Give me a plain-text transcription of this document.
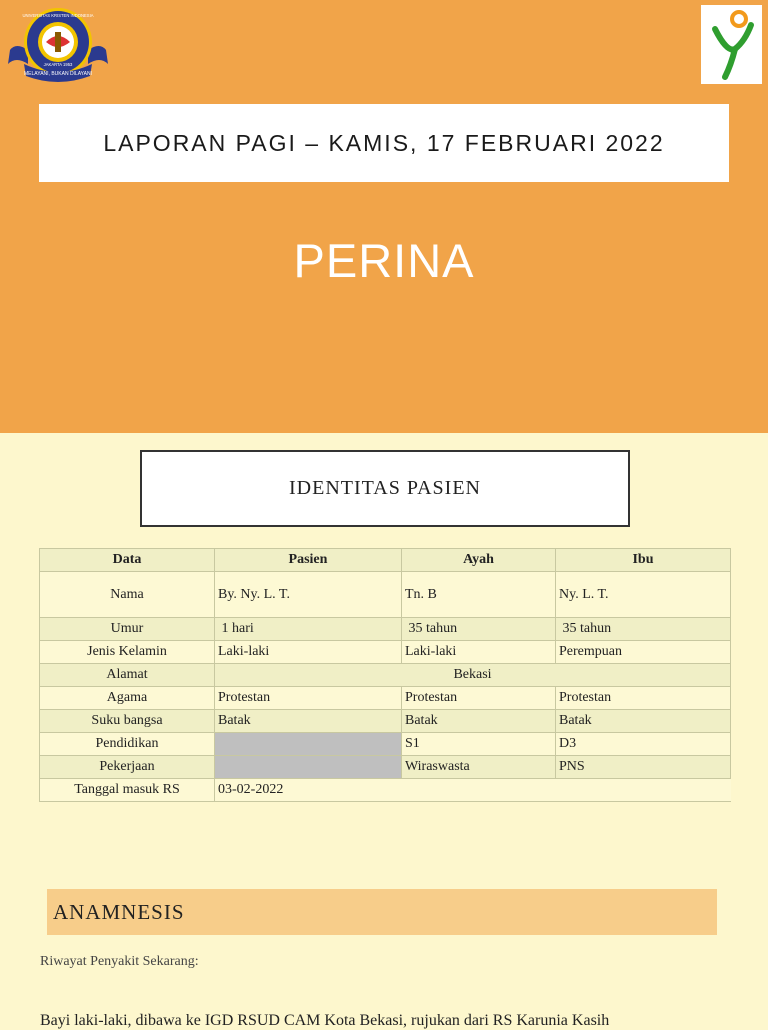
MELAYANI, BUKAN DILAYANI
UNIVERSITAS KRISTEN INDONESIA
JAKARTA 1953
LAPORAN PAGI – KAMIS, 17 FEBRUARI 2022
PERINA
IDENTITAS PASIEN
Data	Pasien	Ayah	Ibu
Nama	By. Ny. L. T.	Tn. B	Ny. L. T.
Umur	1 hari	35 tahun	35 tahun
Jenis Kelamin	Laki-laki	Laki-laki	Perempuan
Alamat	Bekasi		
Agama	Protestan	Protestan	Protestan
Suku bangsa	Batak	Batak	Batak
Pendidikan		S1	D3
Pekerjaan		Wiraswasta	PNS
Tanggal masuk RS	03-02-2022		
ANAMNESIS
Riwayat Penyakit Sekarang:
Bayi laki-laki, dibawa ke IGD RSUD CAM Kota Bekasi, rujukan dari RS Karunia Kasih
